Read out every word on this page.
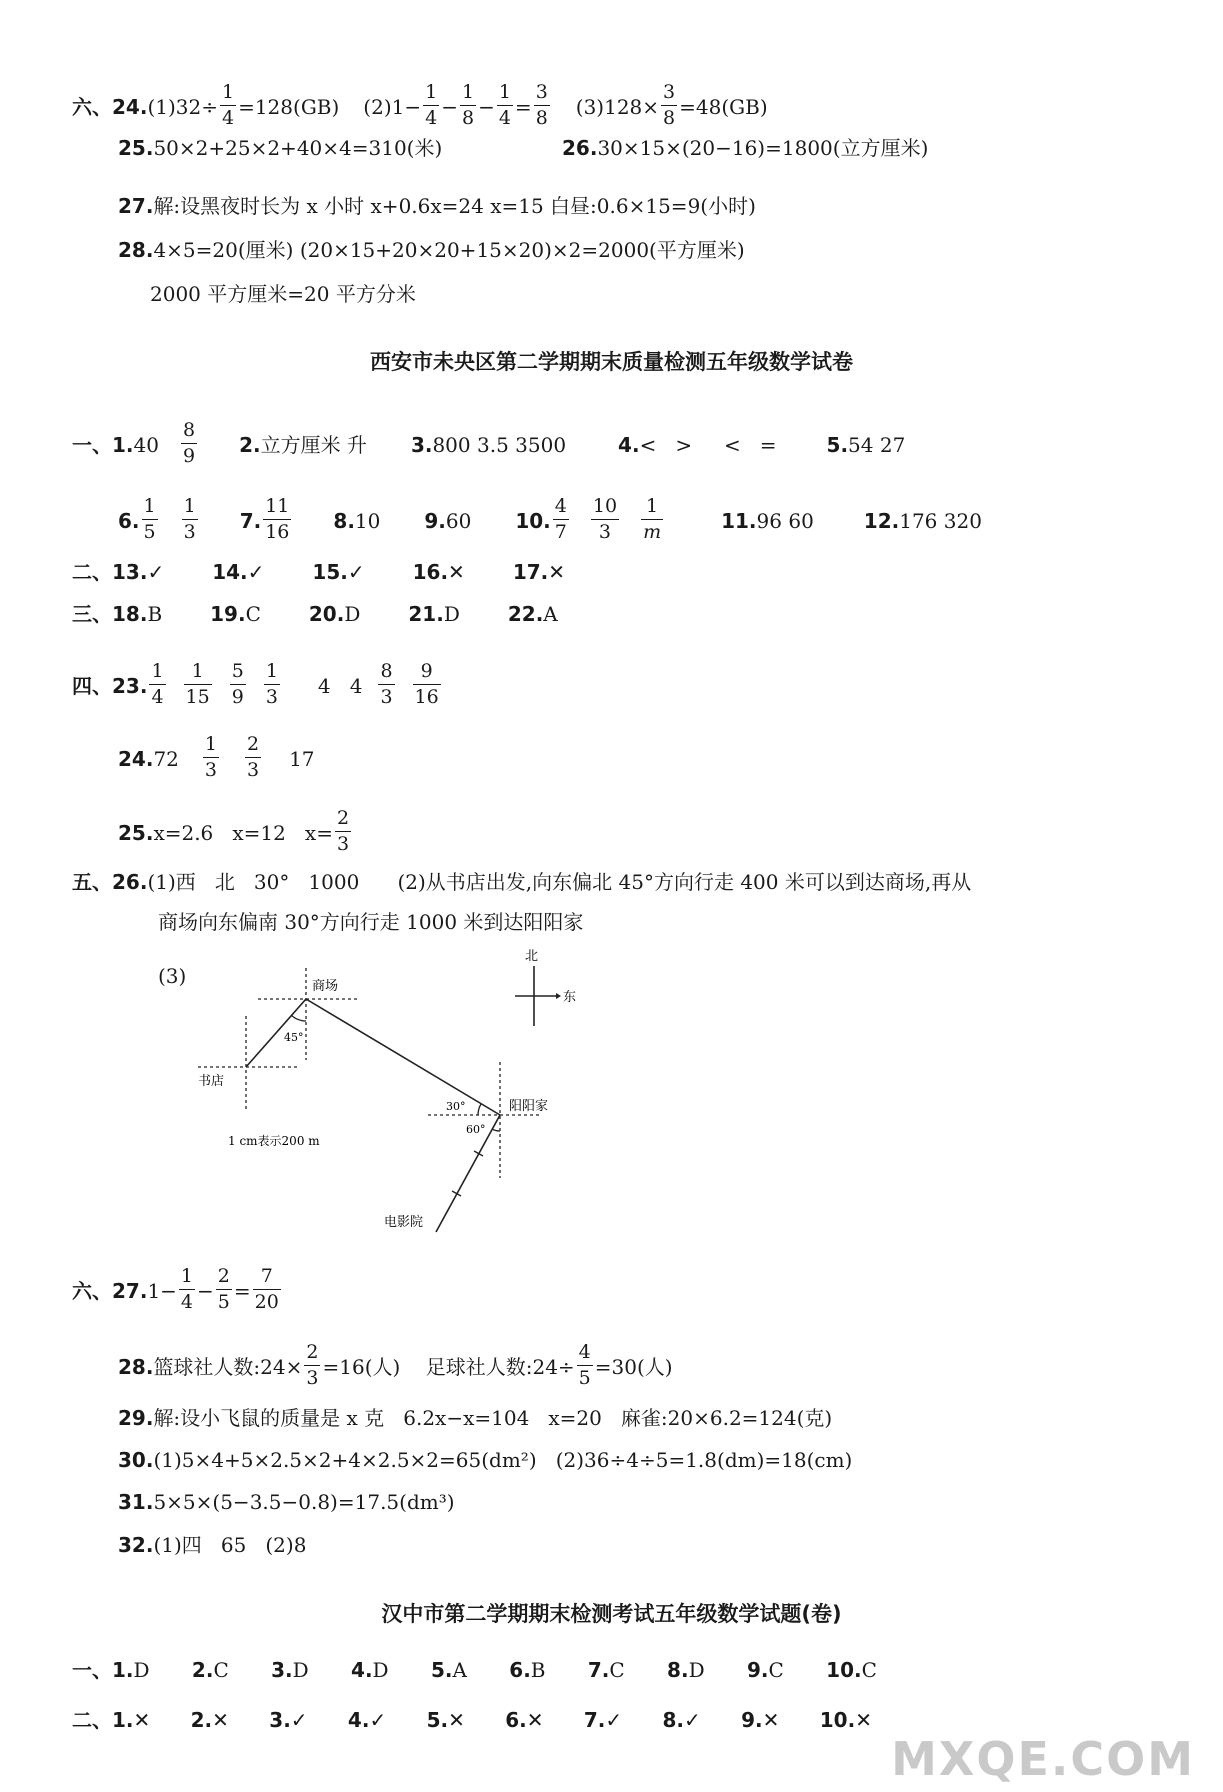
六、$24.(1)32\div \frac{1}{4} =128(GB)$ $(2)1- \frac{1}{4} - \frac{1}{8} - \frac{1}{4} = \frac{3}{8} (3)128\times \frac{3}{8} =48(GB)$
25.50×2+25×2+40×4=310(米)	26.30×15×(20−16)=1800(立方厘米)
27.解:设黑夜时长为 x 小时 x+0.6x=24 x=15 白昼:0.6×15=9(小时)
28.4×5=20(厘米) (20×15+20×20+15×20)×2=2000(平方厘米)
2000 平方厘米=20 平方分米
西安市未央区第二学期期末质量检测五年级数学试卷
一、$1.40 \frac{8}{9} 2$.立方厘米 升 3.800 3.5 3500	4.<   >     <   =	5.54 27
6. $\frac{1}{5} \frac{1}{3} 7$. $\frac{11}{16} 8.10$ 9.60 10. $\frac{4}{7} \frac{10}{3} \frac{1}{m}$	11.96 60	12.176 320
二、13.✓ 14.✓ 15.✓ 16.✕ 17.✕
三、18.B 19.C 20.D 21.D 22.A
四、23. $\frac{1}{4} \frac{1}{15} \frac{5}{9} \frac{1}{3} 4$   $4 \frac{8}{3} \frac{9}{16}$
$24.72 \frac{1}{3} \frac{2}{3} 17$
25.x=2.6   x=12   $x= \frac{2}{3}$
五、26.(1)西   北   30°   1000      (2)从书店出发,向东偏北 45°方向行走 400 米可以到达商场,再从
商场向东偏南 30°方向行走 1000 米到达阳阳家
(3)	商场
书店
阳阳家
电影院
北
东
45°
30°
60°
1 cm表示200 m
六、$27.1- \frac{1}{4} - \frac{2}{5} = \frac{7}{20}$
28.篮球社人数:24× $\frac{2}{3} =16$(人)    足球社人数:24÷ $\frac{4}{5} =30$(人)
29.解:设小飞鼠的质量是 x 克   6.2x−x=104   x=20   麻雀:20×6.2=124(克)
30.(1)5×4+5×2.5×2+4×2.5×2=65(dm²)   (2)36÷4÷5=1.8(dm)=18(cm)
31.5×5×(5−3.5−0.8)=17.5(dm³)
32.(1)四   65   (2)8
汉中市第二学期期末检测考试五年级数学试题(卷)
一、1.D 2.C 3.D 4.D 5.A 6.B 7.C 8.D 9.C 10.C
二、1.✕ 2.✕ 3.✓ 4.✓ 5.✕ 6.✕ 7.✓ 8.✓ 9.✕ 10.✕
MXQE.COM
